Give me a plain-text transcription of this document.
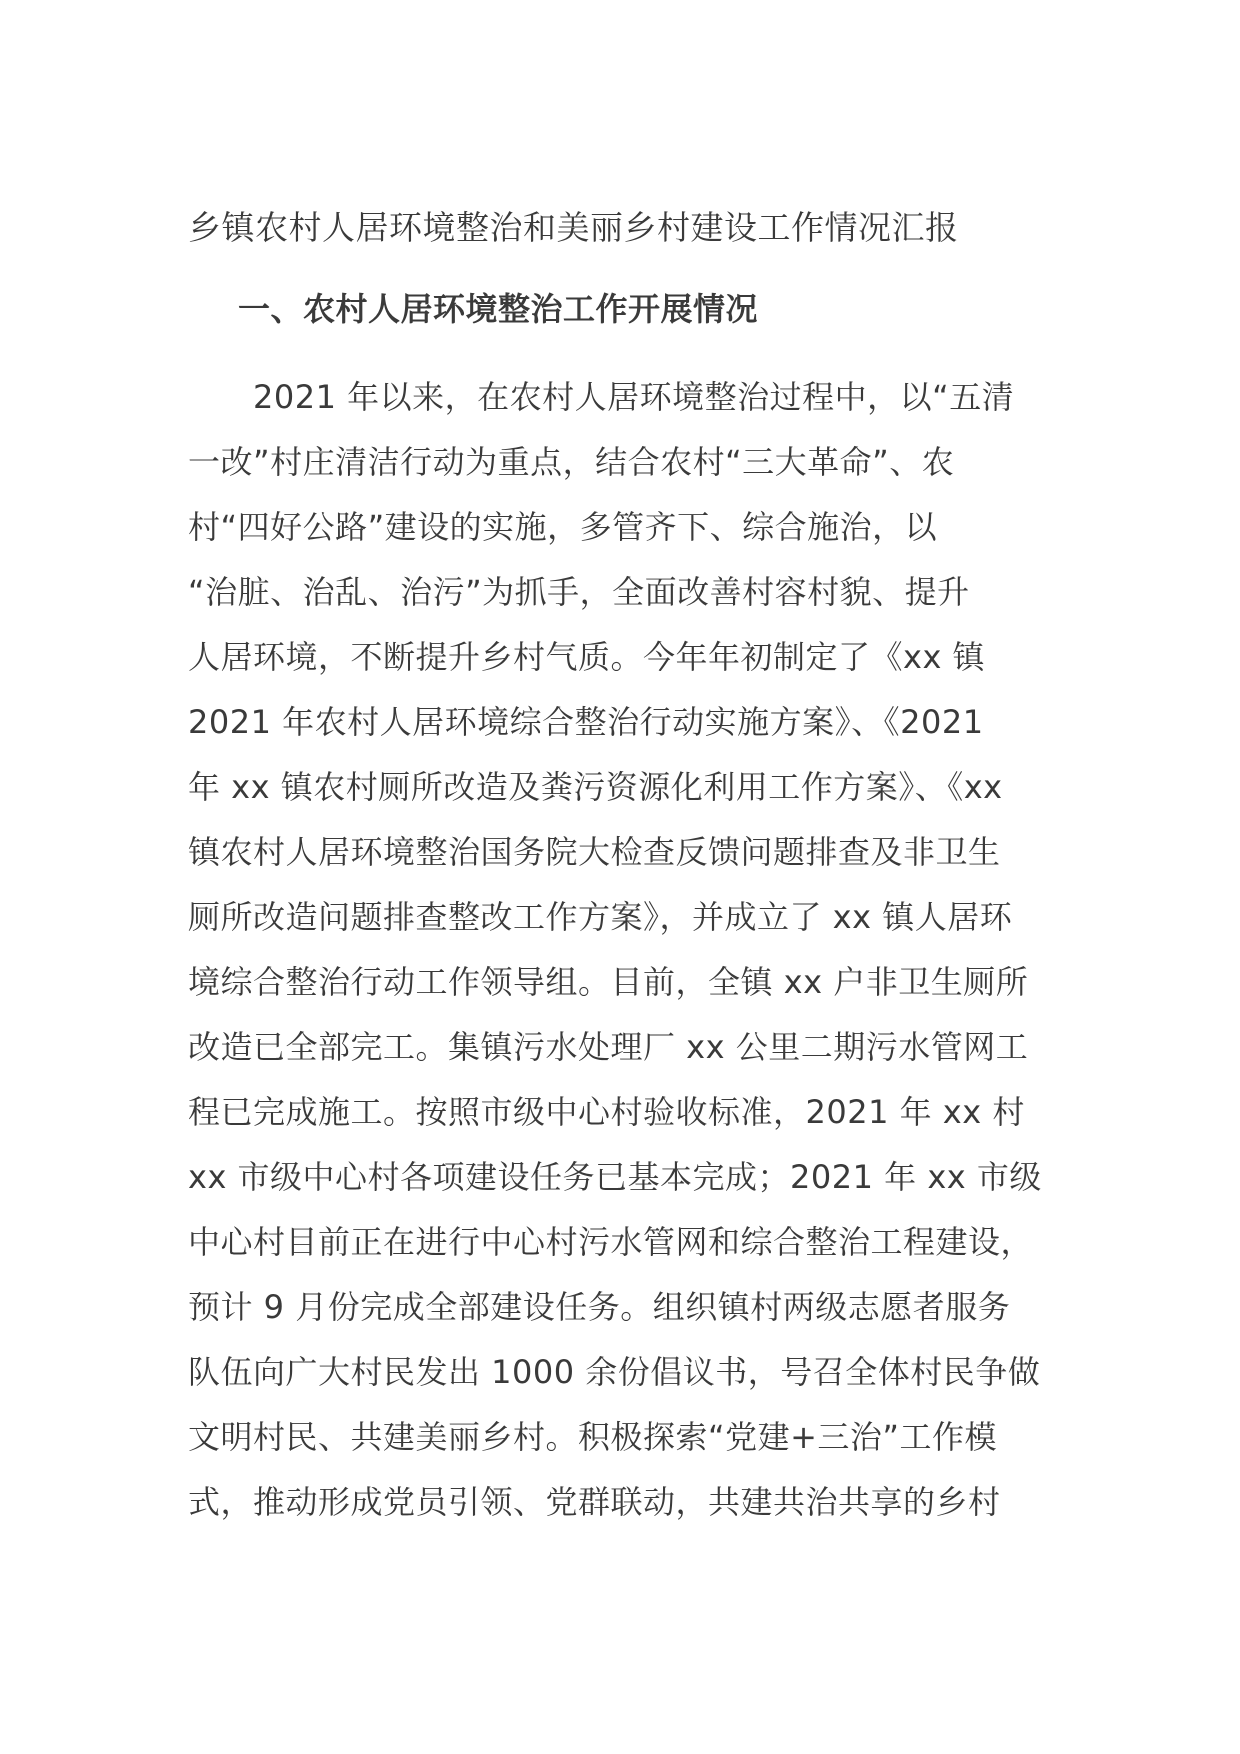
乡镇农村人居环境整治和美丽乡村建设工作情况汇报
一、农村人居环境整治工作开展情况
　　2021 年以来，在农村人居环境整治过程中，以“五清
一改”村庄清洁行动为重点，结合农村“三大革命”、农
村“四好公路”建设的实施，多管齐下、综合施治，以
“治脏、治乱、治污”为抓手，全面改善村容村貌、提升
人居环境，不断提升乡村气质。今年年初制定了《xx 镇
2021 年农村人居环境综合整治行动实施方案》、《2021
年 xx 镇农村厕所改造及粪污资源化利用工作方案》、《xx
镇农村人居环境整治国务院大检查反馈问题排查及非卫生
厕所改造问题排查整改工作方案》，并成立了 xx 镇人居环
境综合整治行动工作领导组。目前，全镇 xx 户非卫生厕所
改造已全部完工。集镇污水处理厂 xx 公里二期污水管网工
程已完成施工。按照市级中心村验收标准，2021 年 xx 村
xx 市级中心村各项建设任务已基本完成；2021 年 xx 市级
中心村目前正在进行中心村污水管网和综合整治工程建设，
预计 9 月份完成全部建设任务。组织镇村两级志愿者服务
队伍向广大村民发出 1000 余份倡议书，号召全体村民争做
文明村民、共建美丽乡村。积极探索“党建+三治”工作模
式，推动形成党员引领、党群联动，共建共治共享的乡村
